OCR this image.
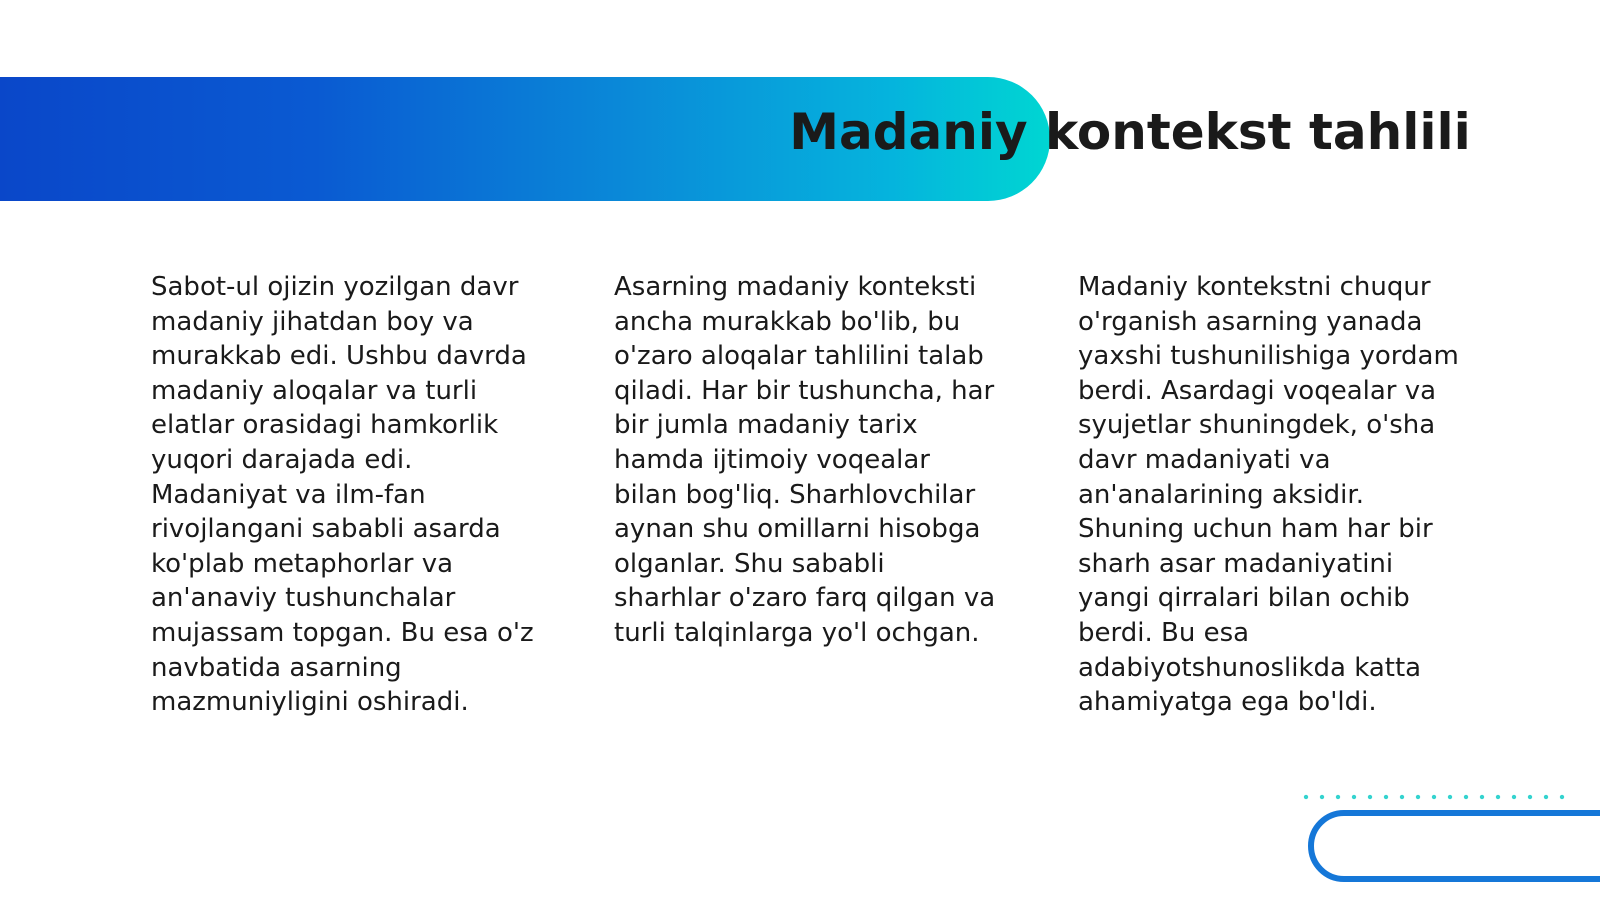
Madaniy kontekst tahlili

Sabot-ul ojizin yozilgan davr madaniy jihatdan boy va murakkab edi. Ushbu davrda madaniy aloqalar va turli elatlar orasidagi hamkorlik yuqori darajada edi. Madaniyat va ilm-fan rivojlangani sababli asarda ko'plab metaphorlar va an'anaviy tushunchalar mujassam topgan. Bu esa o'z navbatida asarning mazmuniyligini oshiradi.

Asarning madaniy konteksti ancha murakkab bo'lib, bu o'zaro aloqalar tahlilini talab qiladi. Har bir tushuncha, har bir jumla madaniy tarix hamda ijtimoiy voqealar bilan bog'liq. Sharhlovchilar aynan shu omillarni hisobga olganlar. Shu sababli sharhlar o'zaro farq qilgan va turli talqinlarga yo'l ochgan.

Madaniy kontekstni chuqur o'rganish asarning yanada yaxshi tushunilishiga yordam berdi. Asardagi voqealar va syujetlar shuningdek, o'sha davr madaniyati va an'analarining aksidir. Shuning uchun ham har bir sharh asar madaniyatini yangi qirralari bilan ochib berdi. Bu esa adabiyotshunoslikda katta ahamiyatga ega bo'ldi.
